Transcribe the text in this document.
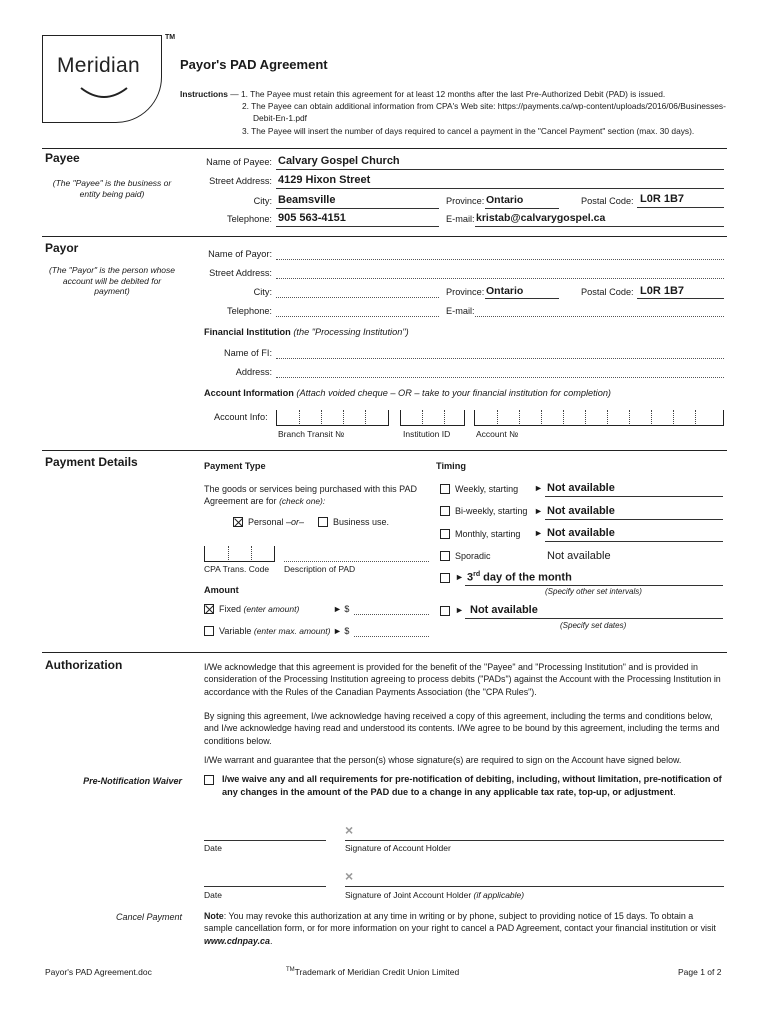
TM
Meridian	Payor's PAD Agreement
Instructions — 1. The Payee must retain this agreement for at least 12 months after the last Pre-Authorized Debit (PAD) is issued.
2. The Payee can obtain additional information from CPA's Web site: https://payments.ca/wp-content/uploads/2016/06/Businesses-Debit-En-1.pdf
3. The Payee will insert the number of days required to cancel a payment in the "Cancel Payment" section (max. 30 days).
Payee
(The "Payee" is the business or entity being paid)
Name of Payee: Calvary Gospel Church
Street Address: 4129 Hixon Street
City: Beamsville	Province: Ontario	Postal Code: L0R 1B7
Telephone: 905 563-4151	E-mail: kristab@calvarygospel.ca
Payor
(The "Payor" is the person whose account will be debited for payment)
Name of Payor:
Street Address:
City:	Province: Ontario	Postal Code: L0R 1B7
Telephone:	E-mail:
Financial Institution (the "Processing Institution")
Name of FI:
Address:
Account Information (Attach voided cheque – OR – take to your financial institution for completion)
Account Info:
Branch Transit №	Institution ID	Account №
Payment Details	Payment Type
The goods or services being purchased with this PAD Agreement are for (check one):
Personal –or–	Business use.
CPA Trans. Code Description of PAD
Amount
Fixed (enter amount)	► $
Variable (enter max. amount) ► $
Timing
Weekly, starting ► Not available
Bi-weekly, starting ► Not available
Monthly, starting ► Not available
Sporadic	Not available
► 3rd day of the month
(Specify other set intervals)
► Not available
(Specify set dates)
Authorization	I/We acknowledge that this agreement is provided for the benefit of the "Payee" and "Processing Institution" and is provided in consideration of the Processing Institution agreeing to process debits ("PADs") against the Account with the Processing Institution in accordance with the Rules of the Canadian Payments Association (the "CPA Rules").
By signing this agreement, I/we acknowledge having received a copy of this agreement, including the terms and conditions below, and I/we acknowledge having read and understood its contents. I/We agree to be bound by this agreement, including the terms and conditions below.
I/We warrant and guarantee that the person(s) whose signature(s) are required to sign on the Account have signed below.
Pre-Notification Waiver	I/we waive any and all requirements for pre-notification of debiting, including, without limitation, pre-notification of any changes in the amount of the PAD due to a change in any applicable tax rate, top-up, or adjustment.
×
Date	Signature of Account Holder
×
Date	Signature of Joint Account Holder (if applicable)
Cancel Payment Note: You may revoke this authorization at any time in writing or by phone, subject to providing notice of 15 days. To obtain a sample cancellation form, or for more information on your right to cancel a PAD Agreement, contact your financial institution or visit www.cdnpay.ca.
Payor's PAD Agreement.doc	™Trademark of Meridian Credit Union Limited	Page 1 of 2
